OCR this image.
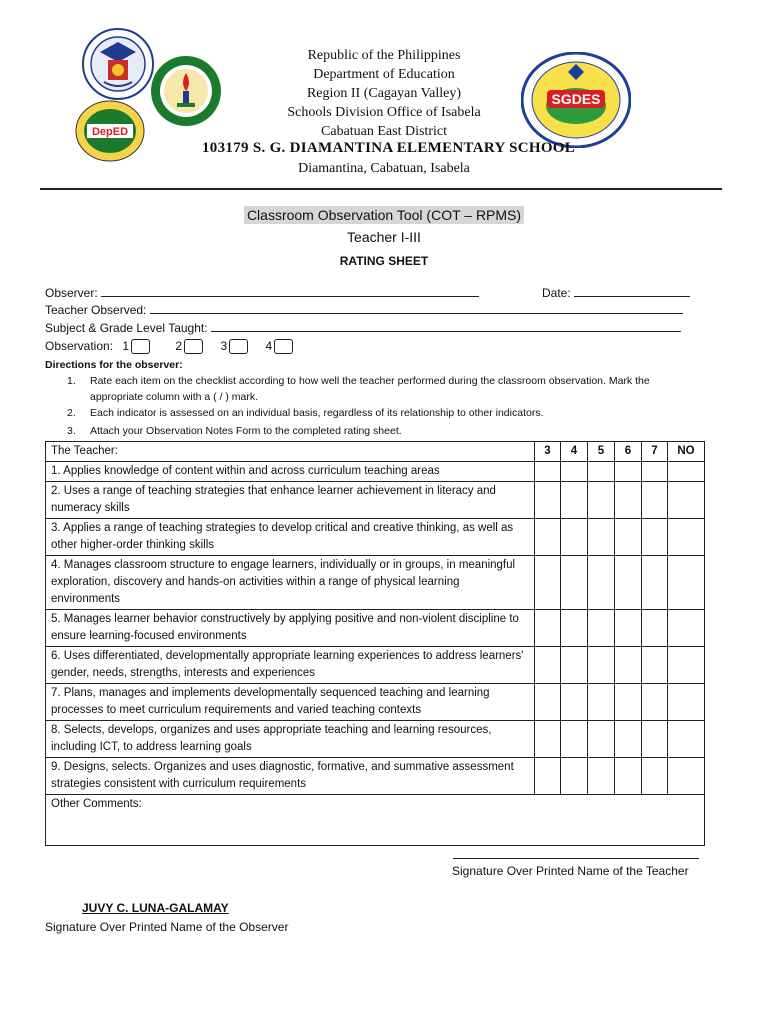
DepED
SGDES
Republic of the Philippines
Department of Education
Region II (Cagayan Valley)
Schools Division Office of Isabela
Cabatuan East District
103179 S. G. DIAMANTINA ELEMENTARY SCHOOL
Diamantina, Cabatuan, Isabela
Classroom Observation Tool (COT – RPMS)
Teacher I-III
RATING SHEET
Observer:	Date:
Teacher Observed:
Subject & Grade Level Taught:
Observation: 1	2	3	4
Directions for the observer:
1. Rate each item on the checklist according to how well the teacher performed during the classroom observation. Mark the
appropriate column with a ( / ) mark.
2. Each indicator is assessed on an individual basis, regardless of its relationship to other indicators.
3. Attach your Observation Notes Form to the completed rating sheet.
The Teacher:	3	4	5	6	7	NO
1. Applies knowledge of content within and across curriculum teaching areas						
2. Uses a range of teaching strategies that enhance learner achievement in literacy and numeracy skills						
3. Applies a range of teaching strategies to develop critical and creative thinking, as well as other higher-order thinking skills						
4. Manages classroom structure to engage learners, individually or in groups, in meaningful exploration, discovery and hands-on activities within a range of physical learning environments						
5. Manages learner behavior constructively by applying positive and non-violent discipline to ensure learning-focused environments						
6. Uses differentiated, developmentally appropriate learning experiences to address learners' gender, needs, strengths, interests and experiences						
7. Plans, manages and implements developmentally sequenced teaching and learning processes to meet curriculum requirements and varied teaching contexts						
8. Selects, develops, organizes and uses appropriate teaching and learning resources, including ICT, to address learning goals						
9. Designs, selects. Organizes and uses diagnostic, formative, and summative assessment strategies consistent with curriculum requirements						
Other Comments:						
Signature Over Printed Name of the Teacher
JUVY C. LUNA-GALAMAY
Signature Over Printed Name of the Observer
